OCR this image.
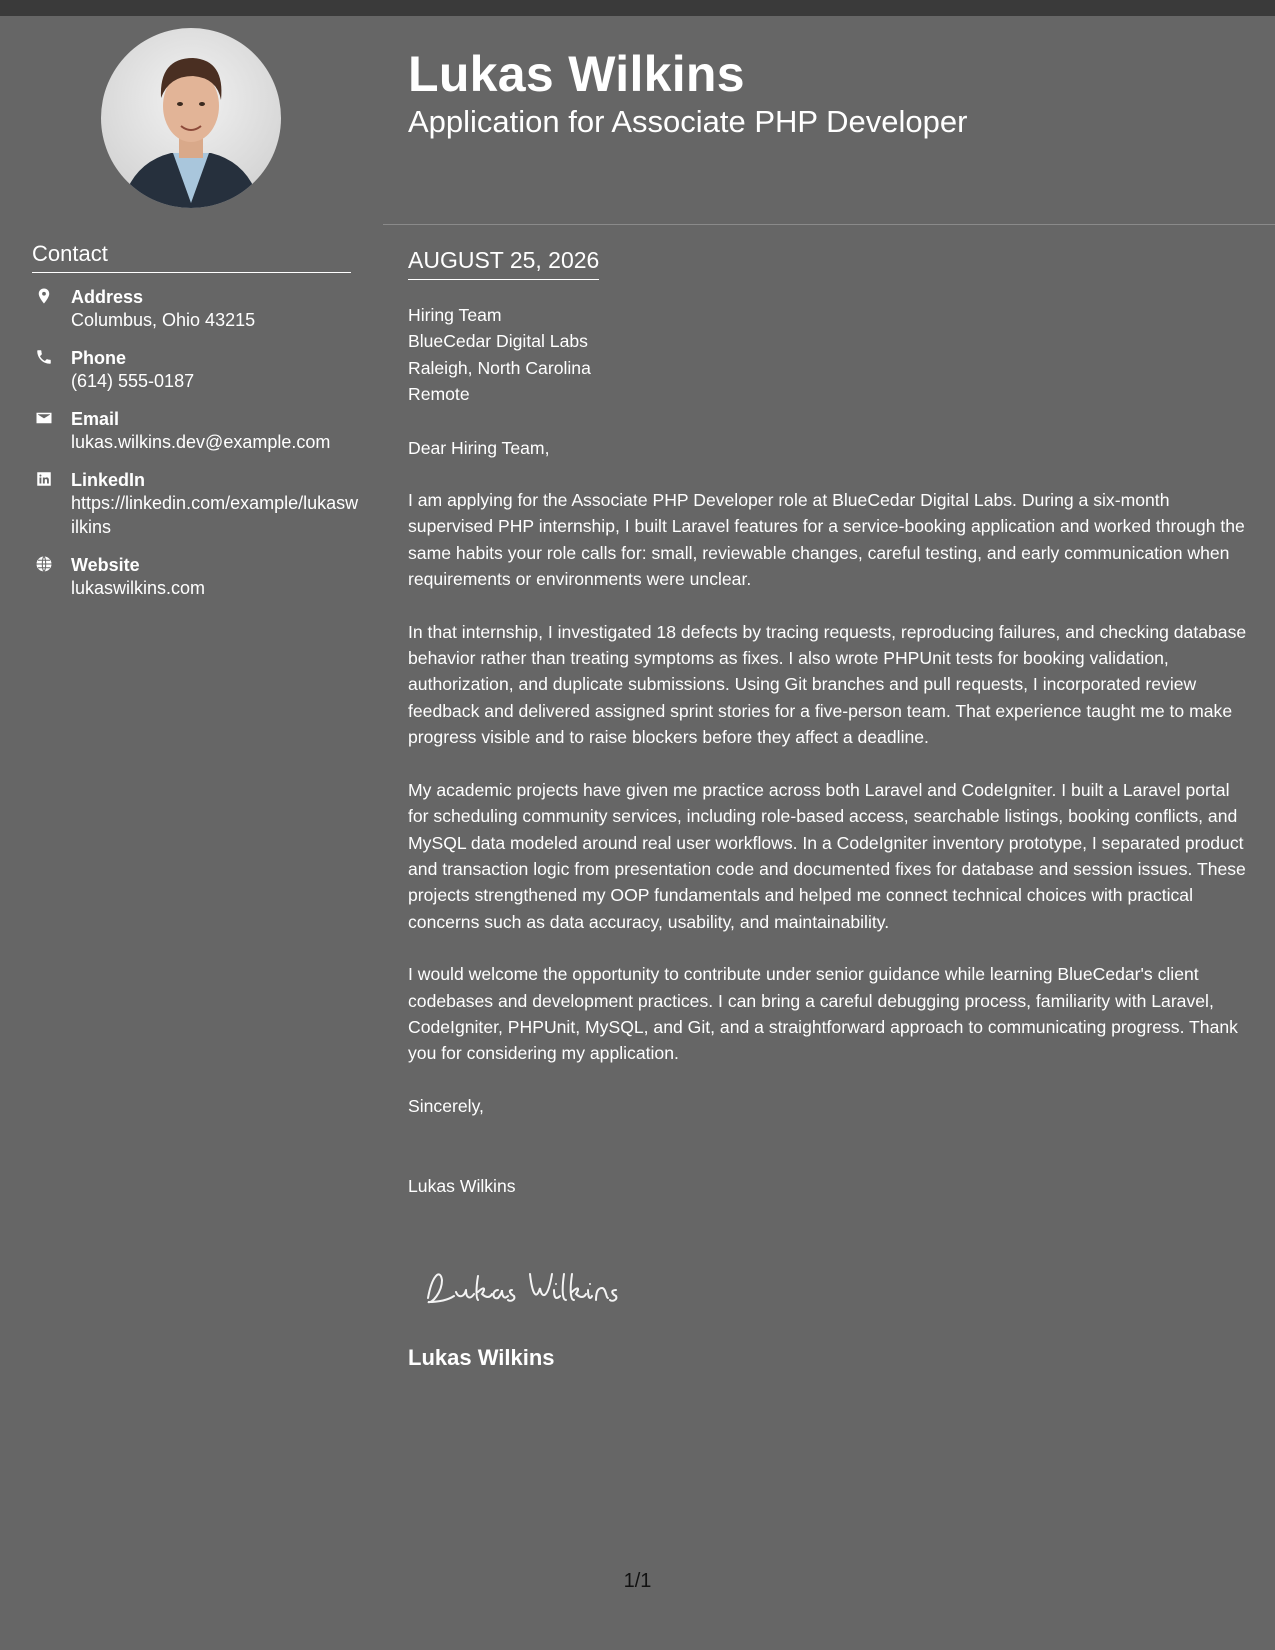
Contact
Address
Columbus, Ohio 43215
Phone
(614) 555-0187
Email
lukas.wilkins.dev@example.com
LinkedIn
https://linkedin.com/example/lukaswilkins
Website
lukaswilkins.com
Lukas Wilkins
Application for Associate PHP Developer
AUGUST 25, 2026
Hiring Team
BlueCedar Digital Labs
Raleigh, North Carolina
Remote

Dear Hiring Team,

I am applying for the Associate PHP Developer role at BlueCedar Digital Labs. During a six-month supervised PHP internship, I built Laravel features for a service-booking application and worked through the same habits your role calls for: small, reviewable changes, careful testing, and early communication when requirements or environments were unclear.

In that internship, I investigated 18 defects by tracing requests, reproducing failures, and checking database behavior rather than treating symptoms as fixes. I also wrote PHPUnit tests for booking validation, authorization, and duplicate submissions. Using Git branches and pull requests, I incorporated review feedback and delivered assigned sprint stories for a five-person team. That experience taught me to make progress visible and to raise blockers before they affect a deadline.

My academic projects have given me practice across both Laravel and CodeIgniter. I built a Laravel portal for scheduling community services, including role-based access, searchable listings, booking conflicts, and MySQL data modeled around real user workflows. In a CodeIgniter inventory prototype, I separated product and transaction logic from presentation code and documented fixes for database and session issues. These projects strengthened my OOP fundamentals and helped me connect technical choices with practical concerns such as data accuracy, usability, and maintainability.

I would welcome the opportunity to contribute under senior guidance while learning BlueCedar's client codebases and development practices. I can bring a careful debugging process, familiarity with Laravel, CodeIgniter, PHPUnit, MySQL, and Git, and a straightforward approach to communicating progress. Thank you for considering my application.

Sincerely,
Lukas Wilkins
Lukas Wilkins
1/1
